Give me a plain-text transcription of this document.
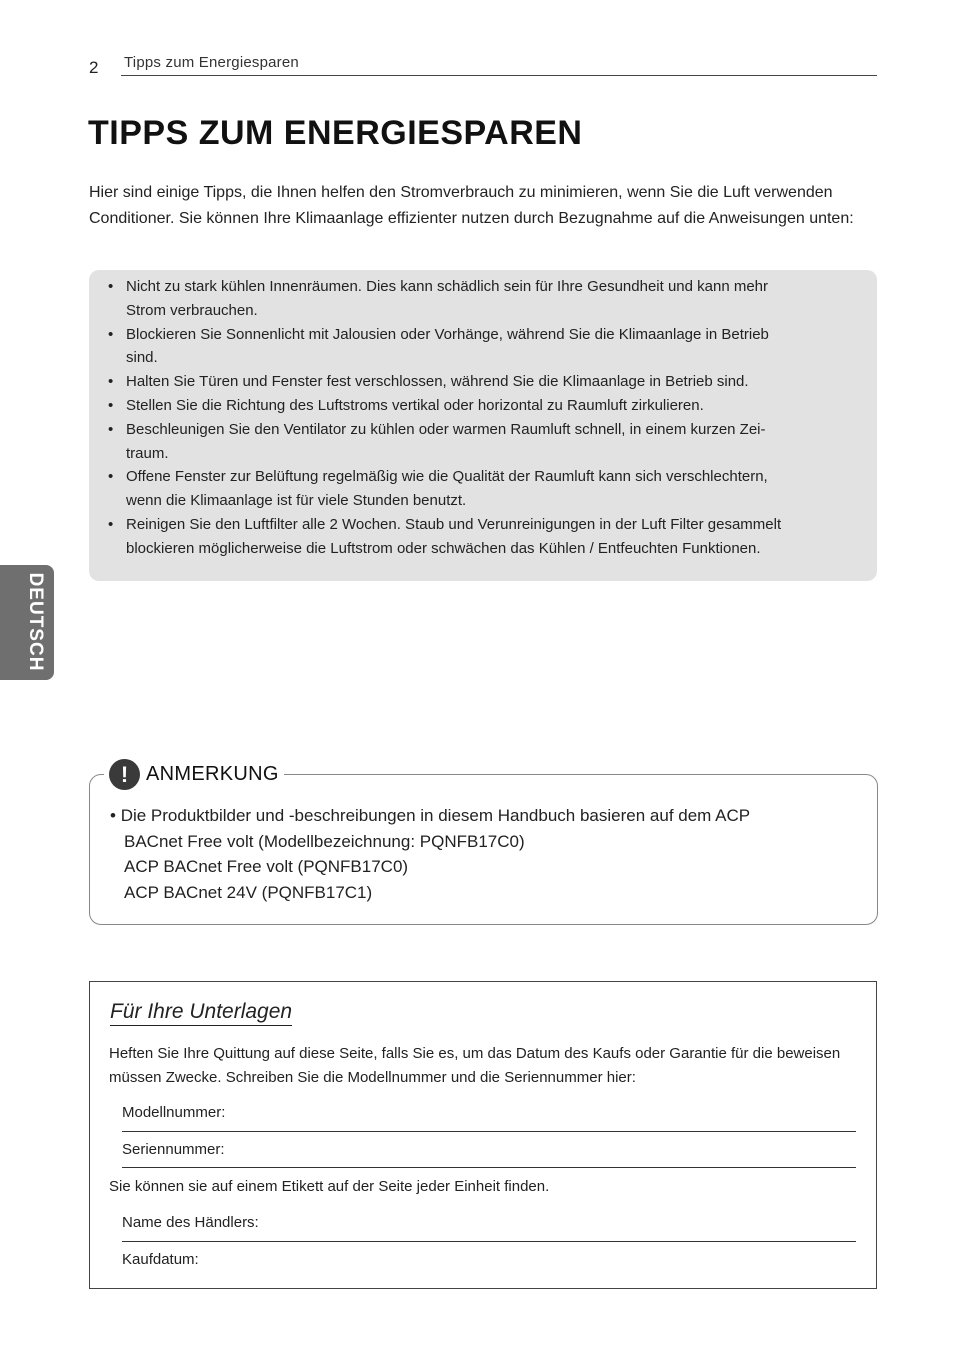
2 Tipps zum Energiesparen
TIPPS ZUM ENERGIESPAREN

Hier sind einige Tipps, die Ihnen helfen den Stromverbrauch zu minimieren, wenn Sie die Luft verwenden Conditioner. Sie können Ihre Klimaanlage effizienter nutzen durch Bezugnahme auf die Anweisungen unten:

• Nicht zu stark kühlen Innenräumen. Dies kann schädlich sein für Ihre Gesundheit und kann mehr
Strom verbrauchen.
• Blockieren Sie Sonnenlicht mit Jalousien oder Vorhänge, während Sie die Klimaanlage in Betrieb
sind.
• Halten Sie Türen und Fenster fest verschlossen, während Sie die Klimaanlage in Betrieb sind.
• Stellen Sie die Richtung des Luftstroms vertikal oder horizontal zu Raumluft zirkulieren.
• Beschleunigen Sie den Ventilator zu kühlen oder warmen Raumluft schnell, in einem kurzen Zei-
traum.
• Offene Fenster zur Belüftung regelmäßig wie die Qualität der Raumluft kann sich verschlechtern,
wenn die Klimaanlage ist für viele Stunden benutzt.
• Reinigen Sie den Luftfilter alle 2 Wochen. Staub und Verunreinigungen in der Luft Filter gesammelt
blockieren möglicherweise die Luftstrom oder schwächen das Kühlen / Entfeuchten Funktionen.
DEUTSCH
! ANMERKUNG
• Die Produktbilder und -beschreibungen in diesem Handbuch basieren auf dem ACP
BACnet Free volt (Modellbezeichnung: PQNFB17C0)
ACP BACnet Free volt (PQNFB17C0)
ACP BACnet 24V (PQNFB17C1)
Für Ihre Unterlagen

Heften Sie Ihre Quittung auf diese Seite, falls Sie es, um das Datum des Kaufs oder Garantie für die beweisen müssen Zwecke. Schreiben Sie die Modellnummer und die Seriennummer hier:

Modellnummer:
Seriennummer:
Sie können sie auf einem Etikett auf der Seite jeder Einheit finden.
Name des Händlers:
Kaufdatum:
